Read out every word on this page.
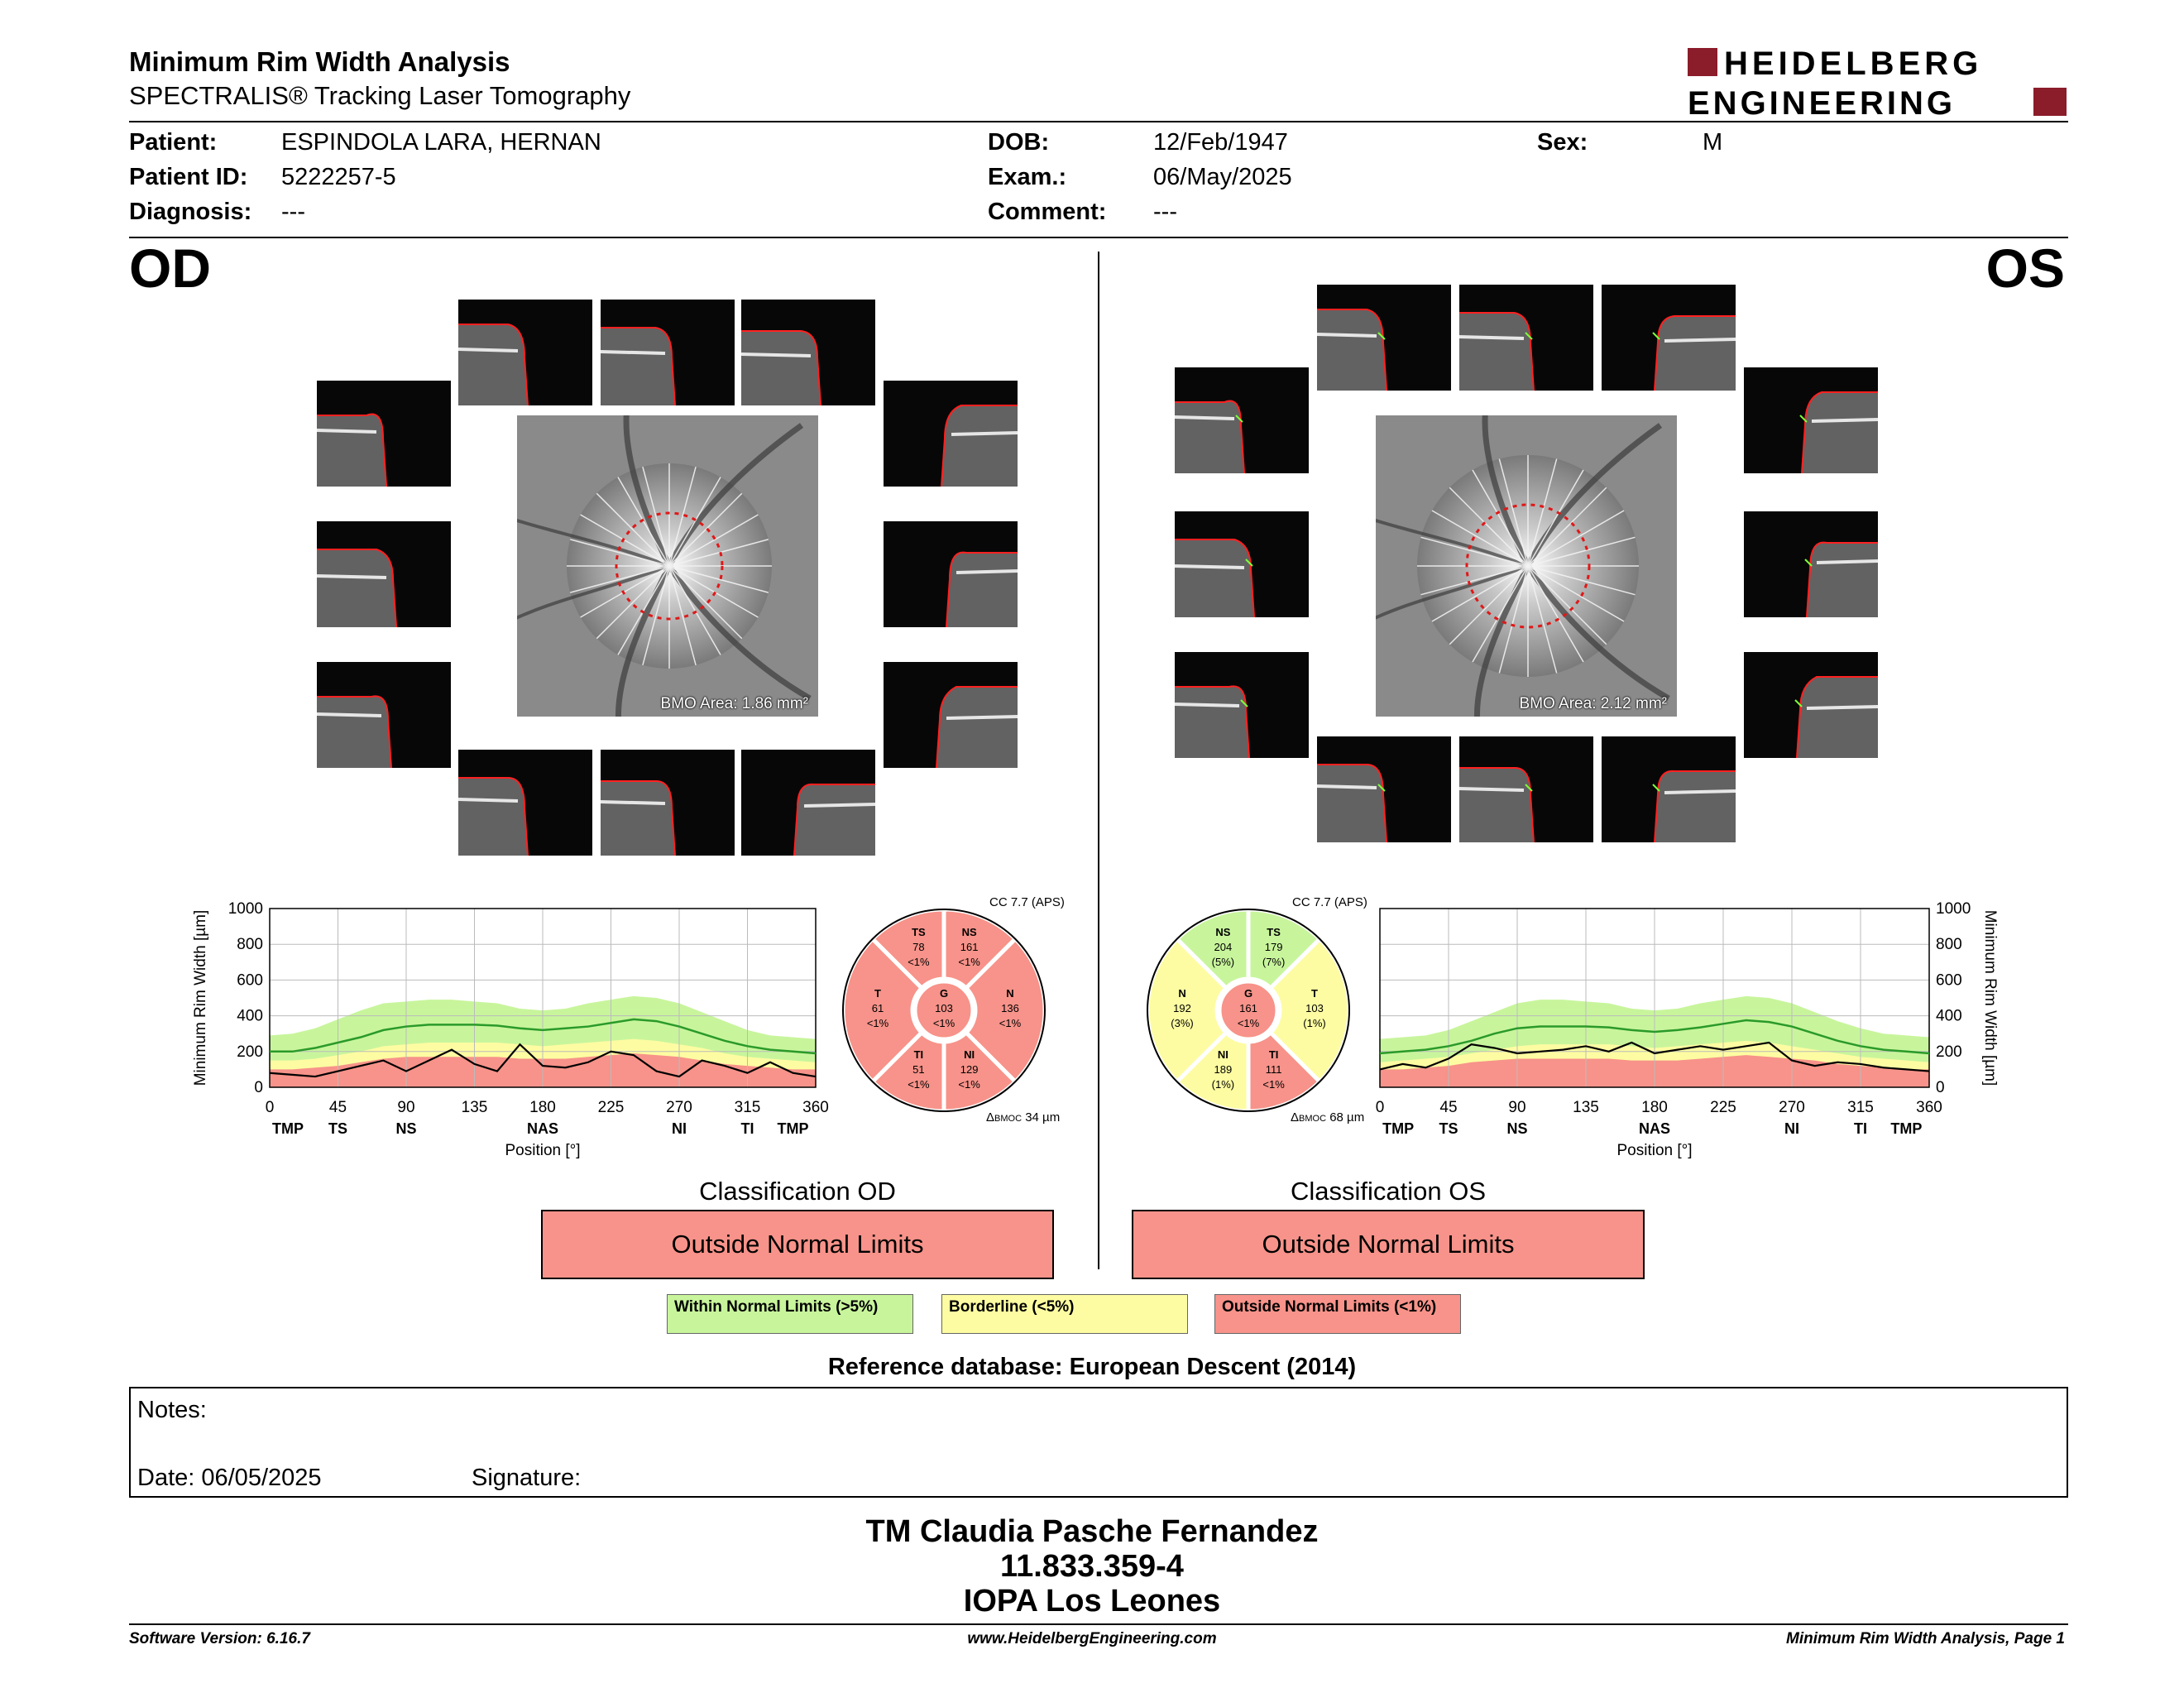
Minimum Rim Width Analysis
SPECTRALIS® Tracking Laser Tomography
HEIDELBERG
ENGINEERING
Patient:	ESPINDOLA LARA, HERNAN
Patient ID: 5222257-5
Diagnosis: ---
DOB:	12/Feb/1947
Exam.:	06/May/2025
Comment: ---
Sex:	M
OD	OS
BMO Area: 1.86 mm²	BMO Area: 2.12 mm²
0
200
400
600
800
1000
0	45	90	135	180	225	270	315	360
TMP TS	NS	NAS	NI	TI TMP
Position [°]
Minimum Rim Width [µm]
0
200
400
600
800
1000
0	45	90	135	180	225	270	315	360
TMP TS	NS	NAS	NI	TI TMP
Position [°]
Minimum Rim Width [µm]
CC 7.7 (APS)
TS
78
<1%
NS
161
<1%
N
136
<1%
NI
129
<1%
TI
51
<1%
T
61
<1%
G
103
<1%
ΔBMOC 34 µm
CC 7.7 (APS)
NS
204
(5%)
TS
179
(7%)
T
103
(1%)
TI
111
<1%
NI
189
(1%)
N
192
(3%)
G
161
<1%
ΔBMOC 68 µm
Classification OD
Outside Normal Limits
Classification OS
Outside Normal Limits
Within Normal Limits (>5%)	Borderline (<5%)	Outside Normal Limits (<1%)
Reference database: European Descent (2014)
Notes:
Date: 06/05/2025	Signature:
TM Claudia Pasche Fernandez
11.833.359-4
IOPA Los Leones
Software Version: 6.16.7	www.HeidelbergEngineering.com	Minimum Rim Width Analysis, Page 1
